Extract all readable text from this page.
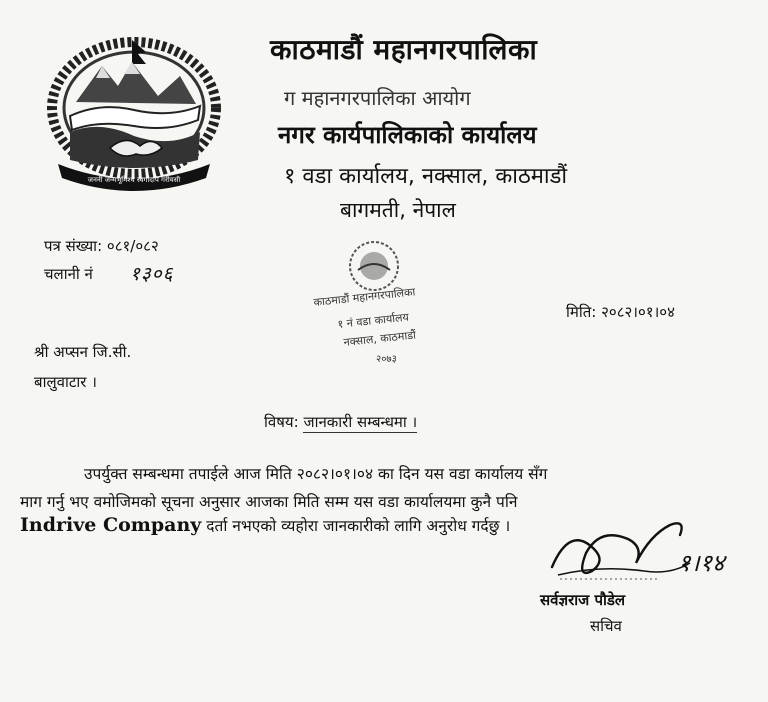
जननी जन्मभूमिश्च स्वर्गादपि गरीयसी
काठमाडौं महानगरपालिका
ग महानगरपालिका आयोग
नगर कार्यपालिकाको कार्यालय
१ वडा कार्यालय, नक्साल, काठमाडौं
बागमती, नेपाल
पत्र संख्या: ०८१/०८२
चलानी नं १३०६
काठमाडौं महानगरपालिका
१ नं वडा कार्यालय
नक्साल, काठमाडौं
२०७३
मिति: २०८२।०१।०४
श्री अप्सन जि.सी.
बालुवाटार ।
विषय: जानकारी सम्बन्धमा ।
उपर्युक्त सम्बन्धमा तपाईले आज मिति २०८२।०१।०४ का दिन यस वडा कार्यालय सँग
माग गर्नु भए वमोजिमको सूचना अनुसार आजका मिति सम्म यस वडा कार्यालयमा कुनै पनि
Indrive Company दर्ता नभएको व्यहोरा जानकारीको लागि अनुरोध गर्दछु ।
१।१४
सर्वज्ञराज पौडेल
सचिव
